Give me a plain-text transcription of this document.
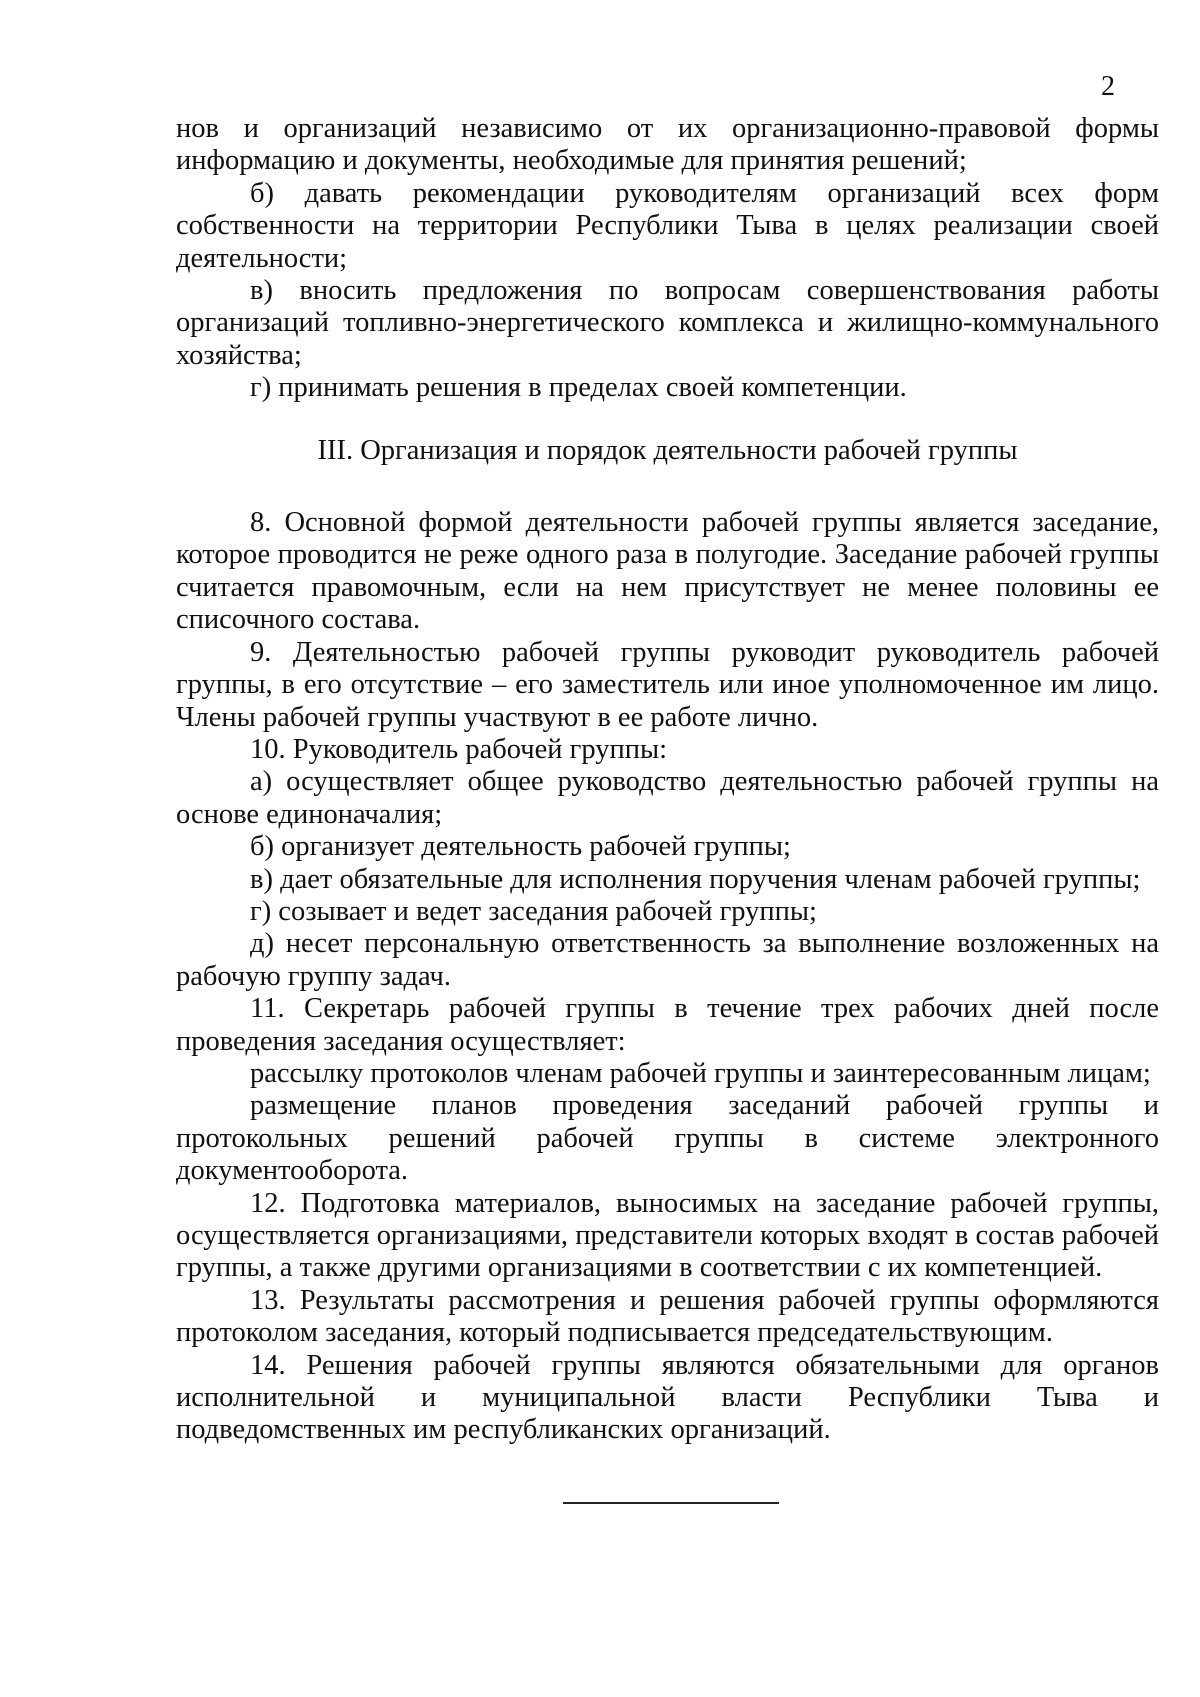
2

нов и организаций независимо от их организационно-правовой формы информацию и документы, необходимые для принятия решений;

б) давать рекомендации руководителям организаций всех форм собственности на территории Республики Тыва в целях реализации своей деятельности;

в) вносить предложения по вопросам совершенствования работы организаций топливно-энергетического комплекса и жилищно-коммунального хозяйства;

г) принимать решения в пределах своей компетенции.

III. Организация и порядок деятельности рабочей группы

8. Основной формой деятельности рабочей группы является заседание, которое проводится не реже одного раза в полугодие. Заседание рабочей группы считается правомочным, если на нем присутствует не менее половины ее списочного состава.

9. Деятельностью рабочей группы руководит руководитель рабочей группы, в его отсутствие – его заместитель или иное уполномоченное им лицо. Члены рабочей группы участвуют в ее работе лично.

10. Руководитель рабочей группы:

а) осуществляет общее руководство деятельностью рабочей группы на основе единоначалия;

б) организует деятельность рабочей группы;

в) дает обязательные для исполнения поручения членам рабочей группы;

г) созывает и ведет заседания рабочей группы;

д) несет персональную ответственность за выполнение возложенных на рабочую группу задач.

11. Секретарь рабочей группы в течение трех рабочих дней после проведения заседания осуществляет:

рассылку протоколов членам рабочей группы и заинтересованным лицам;

размещение планов проведения заседаний рабочей группы и протокольных решений рабочей группы в системе электронного документооборота.

12. Подготовка материалов, выносимых на заседание рабочей группы, осуществляется организациями, представители которых входят в состав рабочей группы, а также другими организациями в соответствии с их компетенцией.

13. Результаты рассмотрения и решения рабочей группы оформляются протоколом заседания, который подписывается председательствующим.

14. Решения рабочей группы являются обязательными для органов исполнительной и муниципальной власти Республики Тыва и подведомственных им республиканских организаций.
